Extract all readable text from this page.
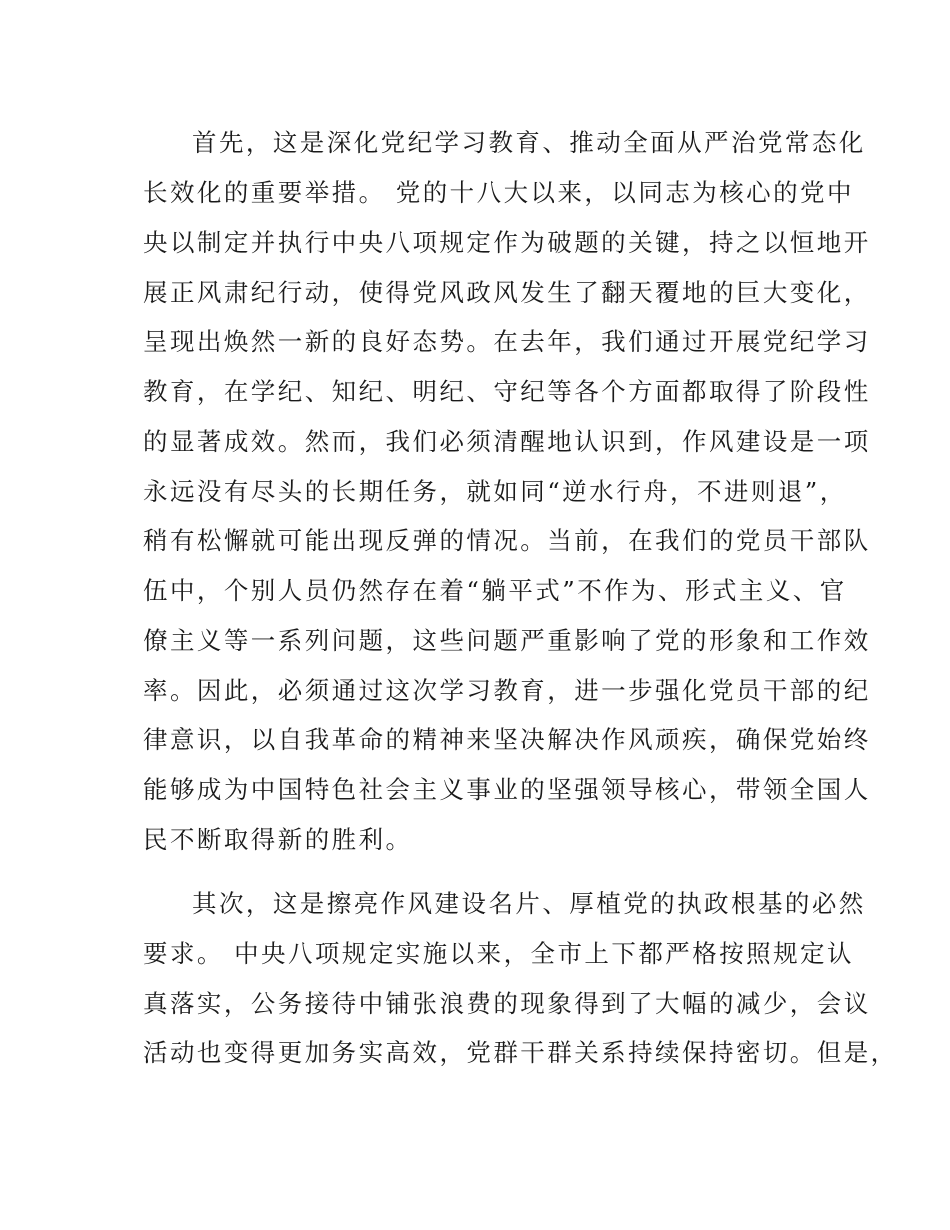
首先，这是深化党纪学习教育、推动全面从严治党常态化

长效化的重要举措。 党的十八大以来，以同志为核心的党中

央以制定并执行中央八项规定作为破题的关键，持之以恒地开

展正风肃纪行动，使得党风政风发生了翻天覆地的巨大变化，

呈现出焕然一新的良好态势。在去年，我们通过开展党纪学习

教育，在学纪、知纪、明纪、守纪等各个方面都取得了阶段性

的显著成效。然而，我们必须清醒地认识到，作风建设是一项

永远没有尽头的长期任务，就如同“逆水行舟，不进则退”，

稍有松懈就可能出现反弹的情况。当前，在我们的党员干部队

伍中，个别人员仍然存在着“躺平式”不作为、形式主义、官

僚主义等一系列问题，这些问题严重影响了党的形象和工作效

率。因此，必须通过这次学习教育，进一步强化党员干部的纪

律意识，以自我革命的精神来坚决解决作风顽疾，确保党始终

能够成为中国特色社会主义事业的坚强领导核心，带领全国人

民不断取得新的胜利。

其次，这是擦亮作风建设名片、厚植党的执政根基的必然

要求。 中央八项规定实施以来，全市上下都严格按照规定认

真落实，公务接待中铺张浪费的现象得到了大幅的减少，会议

活动也变得更加务实高效，党群干群关系持续保持密切。但是，
